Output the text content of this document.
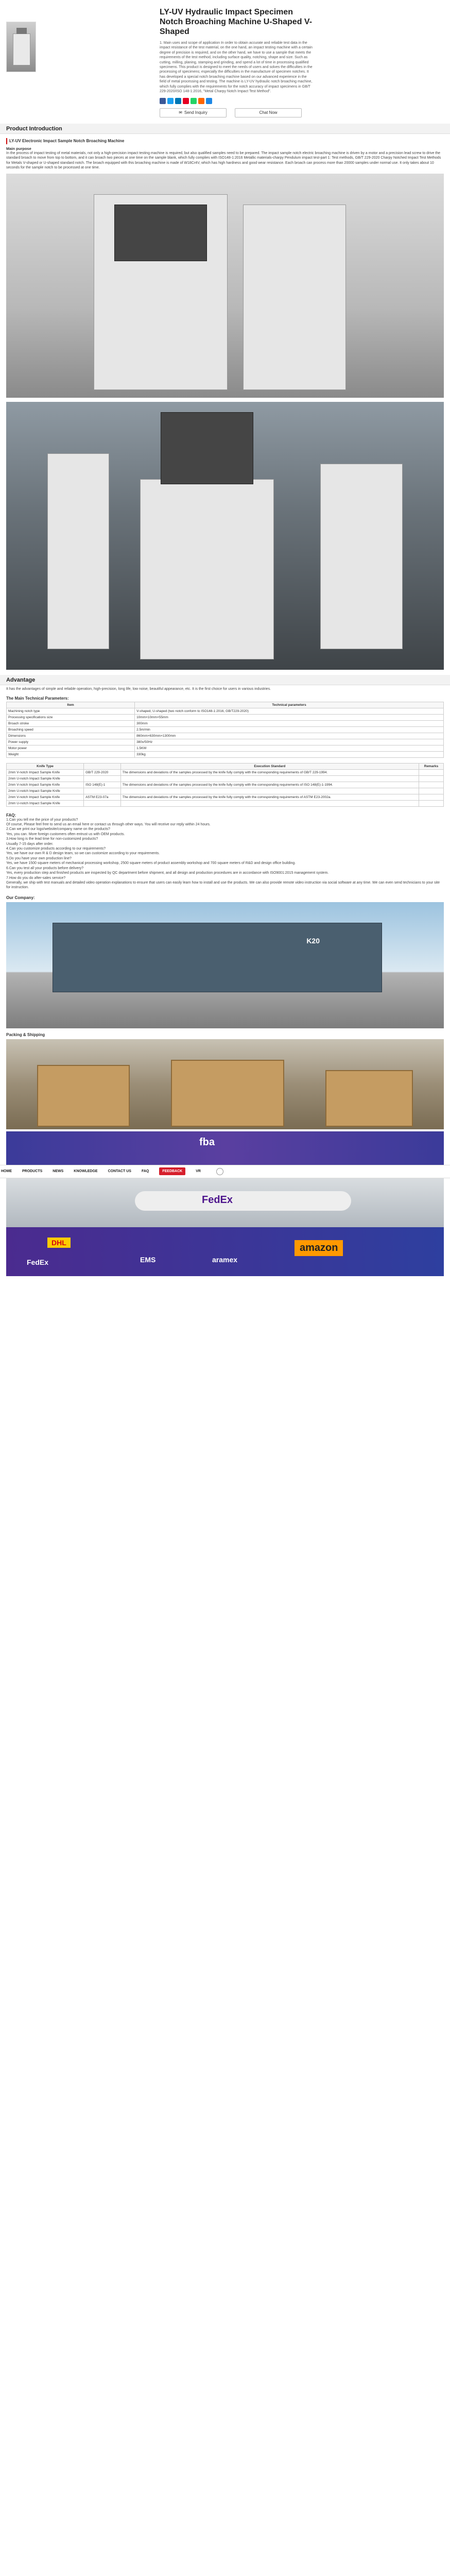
LY-UV Hydraulic Impact Specimen Notch Broaching Machine U-Shaped V-Shaped

1. Main uses and scope of application In order to obtain accurate and reliable test data in the impact resistance of the test material, on the one hand, an impact testing machine with a certain degree of precision is required, and on the other hand, we have to use a sample that meets the requirements of the test method, including surface quality, notching, shape and size. Such as cutting, milling, planing, stamping and grinding, and spend a lot of time in processing qualified specimens. This product is designed to meet the needs of users and solves the difficulties in the processing of specimens; especially the difficulties in the manufacture of specimen notches. It has developed a special notch broaching machine based on our advanced experience in the field of metal processing and testing. The machine is LY-UV hydraulic notch broaching machine, which fully complies with the requirements for the notch accuracy of impact specimens in GB/T 229-2020/ISO 148-1:2016, "Metal Charpy Notch Impact Test Method".

✉ Send Inquiry	Chat Now
Product Introduction
LY-UV Electronic Impact Sample Notch Broaching Machine
Main purpose

In the process of impact testing of metal materials, not only a high-precision impact testing machine is required, but also qualified samples need to be prepared. The impact sample notch electric broaching machine is driven by a motor and a precision lead screw to drive the standard broach to move from top to bottom, and it can broach two pieces at one time on the sample blank, which fully complies with ISO148-1:2016 Metallic materials-charpy Pendulum impact test-part 1: Test methods, GB/T 229-2020 Charpy Notched Impact Test Methods for Metals V-shaped or U-shaped standard notch. The broach equipped with this broaching machine is made of W18Cr4V, which has high hardness and good wear resistance. Each broach can process more than 20000 samples under normal use. It only takes about 10 seconds for the sample notch to be processed at one time.

Advantage

It has the advantages of simple and reliable operation, high-precision, long life, low noise, beautiful appearance, etc. It is the first choice for users in various industries.

The Main Technical Parameters:
Item	Technical parameters
Machining notch type	V-shaped, U-shaped (two notch conform to ISO148-1:2016, GB/T229-2020)
Processing specifications size	10mm×10mm×55mm
Broach stroke	300mm
Broaching speed	2.5m/min
Dimensions	860mm×630mm×1300mm
Power supply	380v/50Hz
Motor power	1.5KW
Weight	330kg
Knife Type		Execution Standard	Remarks
2mm V-notch Impact Sample Knife	GB/T 229-2020	The dimensions and deviations of the samples processed by the knife fully comply with the corresponding requirements of GB/T 229-1994.	
2mm U-notch Impact Sample Knife			
2mm V-notch Impact Sample Knife	ISO 148(E)-1	The dimensions and deviations of the samples processed by the knife fully comply with the corresponding requirements of ISO 148(E)-1-1994.	
2mm U-notch Impact Sample Knife			
2mm V-notch Impact Sample Knife	ASTM E23-07a	The dimensions and deviations of the samples processed by the knife fully comply with the corresponding requirements of ASTM E23-2002a.	
2mm U-notch Impact Sample Knife			
FAQ:

1.Can you tell me the price of your products?

Of course, Please feel free to send us an email here or contact us through other ways. You will receive our reply within 24 hours.

2.Can we print our logo/website/company name on the products?

Yes, you can. More foreign customers often entrust us with OEM products.

3.How long is the lead time for non-customized products?

Usually 7-15 days after order.

4.Can you customize products according to our requirements?

Yes, we have our own R & D design team, so we can customize according to your requirements.

5.Do you have your own production line?

Yes, we have 1500 square meters of mechanical processing workshop, 2500 square meters of product assembly workshop and 700 square meters of R&D and design office building.

6.Can you test all your products before delivery?

Yes, every production step and finished products are inspected by QC department before shipment, and all design and production procedures are in accordance with ISO9001:2015 management system.

7.How do you do after-sales service?

Generally, we ship with test manuals and detailed video operation explanations to ensure that users can easily learn how to install and use the products. We can also provide remote video instruction via social software at any time. We can even send technicians to your site for instruction.

Our Company:
K20
Packing & Shipping
fba
HOME	PRODUCTS	NEWS	KNOWLEDGE	CONTACT US	FAQ	FEEDBACK	VR
FedEx
DHL
FedEx	EMS	aramex
amazon
